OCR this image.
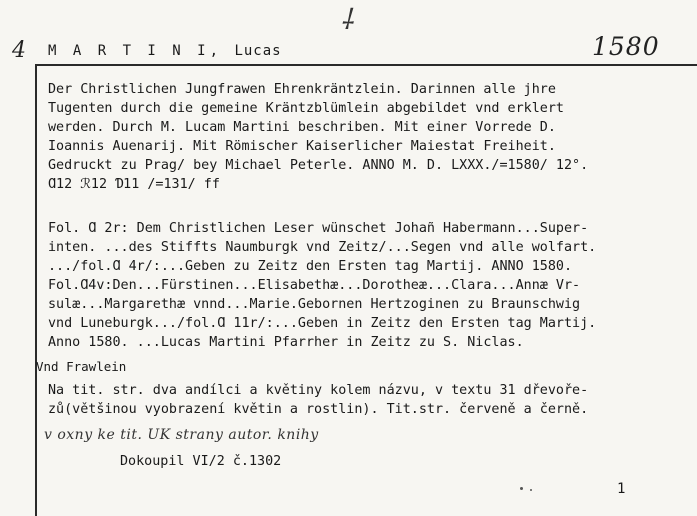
⸸
4	1580
M A R T I N I, Lucas
Der Christlichen Jungfrawen Ehrenkräntzlein. Darinnen alle jhre
Tugenten durch die gemeine Kräntzblümlein abgebildet vnd erklert
werden. Durch M. Lucam Martini beschriben. Mit einer Vorrede D.
Ioannis Auenarij. Mit Römischer Kaiserlicher Maiestat Freiheit.
Gedruckt zu Prag/ bey Michael Peterle. ANNO M. D. LXXX./=1580/ 12°.
Ɑ12 ℛ12 Ɗ11 /=131/ ff
Fol. Ɑ 2r: Dem Christlichen Leser wünschet Johañ Habermann...Super-
inten. ...des Stiffts Naumburgk vnd Zeitz/...Segen vnd alle wolfart.
.../fol.Ɑ 4r/:...Geben zu Zeitz den Ersten tag Martij. ANNO 1580.
Fol.Ɑ4v:Den...Fürstinen...Elisabethæ...Dorotheæ...Clara...Annæ Vr-
sulæ...Margarethæ vnnd...Marie.Gebornen Hertzoginen zu Braunschwig
vnd Luneburgk.../fol.Ɑ 11r/:...Geben in Zeitz den Ersten tag Martij.
Anno 1580. ...Lucas Martini Pfarrher in Zeitz zu S. Niclas.
Vnd Frawlein
Na tit. str. dva andílci a květiny kolem názvu, v textu 31 dřevoře-
zů(většinou vyobrazení květin a rostlin). Tit.str. červeně a černě.
v oxny ke tit. UK strany autor. knihy
Dokoupil VI/2 č.1302
1
